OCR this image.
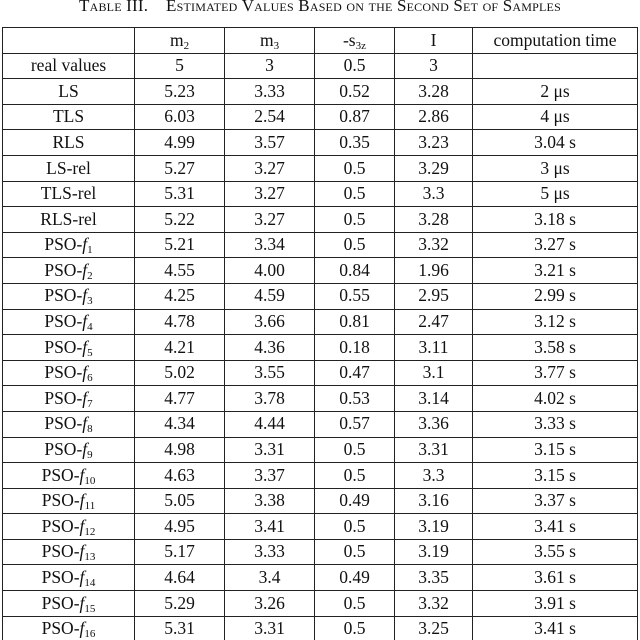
Table III. Estimated Values Based on the Second Set of Samples
	$m_2$	$m_3$	$-s_{3z}$	I	computation time
real values	5	3	0.5	3	
LS	5.23	3.33	0.52	3.28	2 μs
TLS	6.03	2.54	0.87	2.86	4 μs
RLS	4.99	3.57	0.35	3.23	3.04 s
LS-rel	5.27	3.27	0.5	3.29	3 μs
TLS-rel	5.31	3.27	0.5	3.3	5 μs
RLS-rel	5.22	3.27	0.5	3.28	3.18 s
PSO-$f_1$	5.21	3.34	0.5	3.32	3.27 s
PSO-$f_2$	4.55	4.00	0.84	1.96	3.21 s
PSO-$f_3$	4.25	4.59	0.55	2.95	2.99 s
PSO-$f_4$	4.78	3.66	0.81	2.47	3.12 s
PSO-$f_5$	4.21	4.36	0.18	3.11	3.58 s
PSO-$f_6$	5.02	3.55	0.47	3.1	3.77 s
PSO-$f_7$	4.77	3.78	0.53	3.14	4.02 s
PSO-$f_8$	4.34	4.44	0.57	3.36	3.33 s
PSO-$f_9$	4.98	3.31	0.5	3.31	3.15 s
PSO-$f_{10}$	4.63	3.37	0.5	3.3	3.15 s
PSO-$f_{11}$	5.05	3.38	0.49	3.16	3.37 s
PSO-$f_{12}$	4.95	3.41	0.5	3.19	3.41 s
PSO-$f_{13}$	5.17	3.33	0.5	3.19	3.55 s
PSO-$f_{14}$	4.64	3.4	0.49	3.35	3.61 s
PSO-$f_{15}$	5.29	3.26	0.5	3.32	3.91 s
PSO-$f_{16}$	5.31	3.31	0.5	3.25	3.41 s
